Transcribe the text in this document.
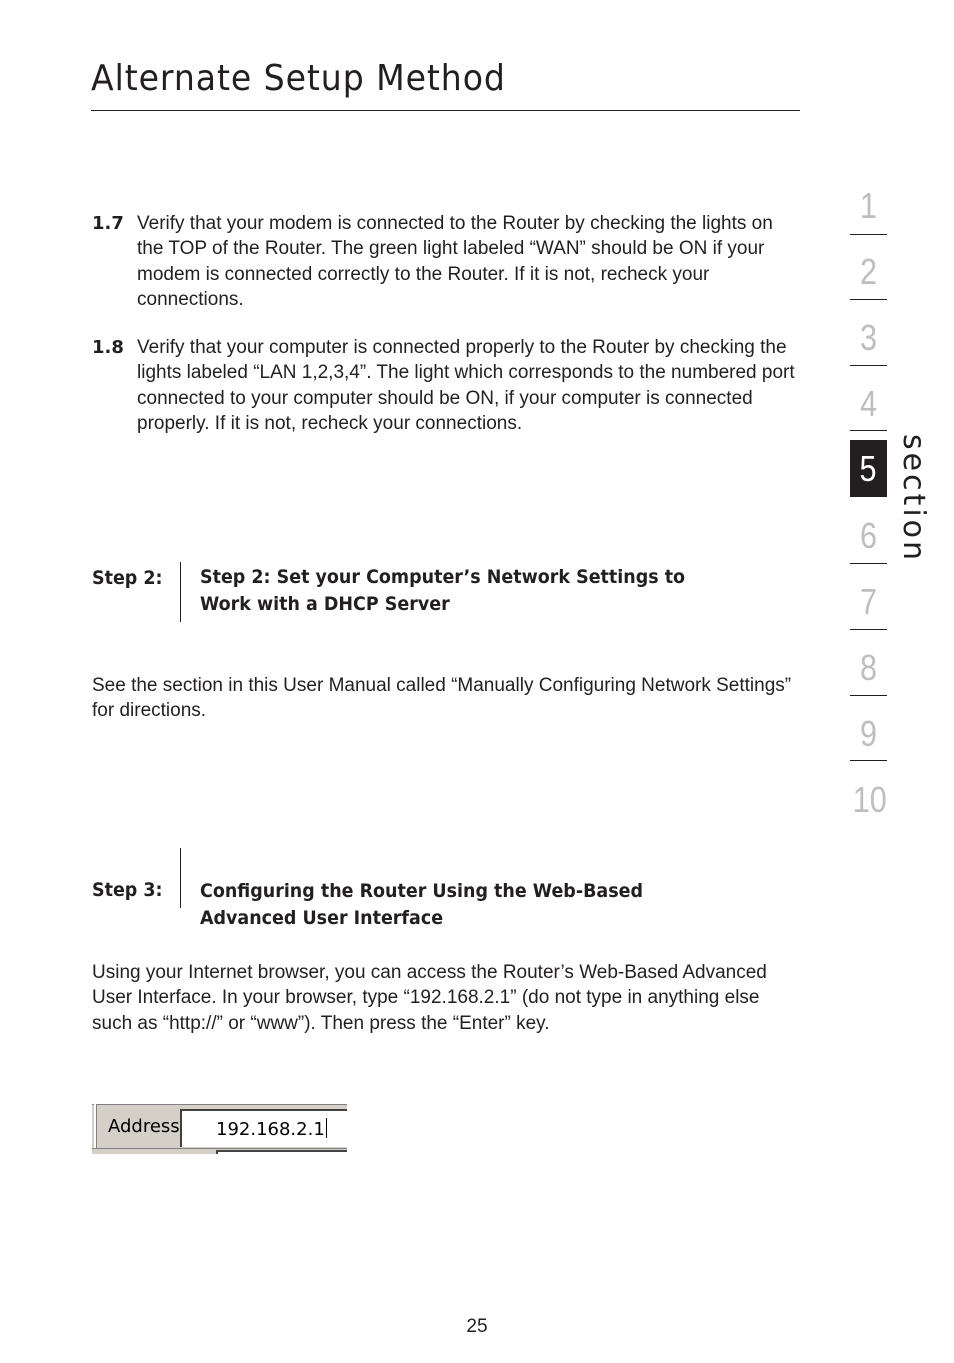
Alternate Setup Method
1.7 Verify that your modem is connected to the Router by checking the lights on the TOP of the Router. The green light labeled “WAN” should be ON if your modem is connected correctly to the Router. If it is not, recheck your connections.
1.8 Verify that your computer is connected properly to the Router by checking the lights labeled “LAN 1,2,3,4”. The light which corresponds to the numbered port connected to your computer should be ON, if your computer is connected properly. If it is not, recheck your connections.
Step 2: Step 2: Set your Computer’s Network Settings to
Work with a DHCP Server
See the section in this User Manual called “Manually Configuring Network Settings” for directions.
Step 3: Configuring the Router Using the Web-Based
Advanced User Interface
Using your Internet browser, you can access the Router’s Web-Based Advanced User Interface. In your browser, type “192.168.2.1” (do not type in anything else such as “http://” or “www”). Then press the “Enter” key.
Address 192.168.2.1
1
2
3
4
5
6
7
8
9
10
section
25
